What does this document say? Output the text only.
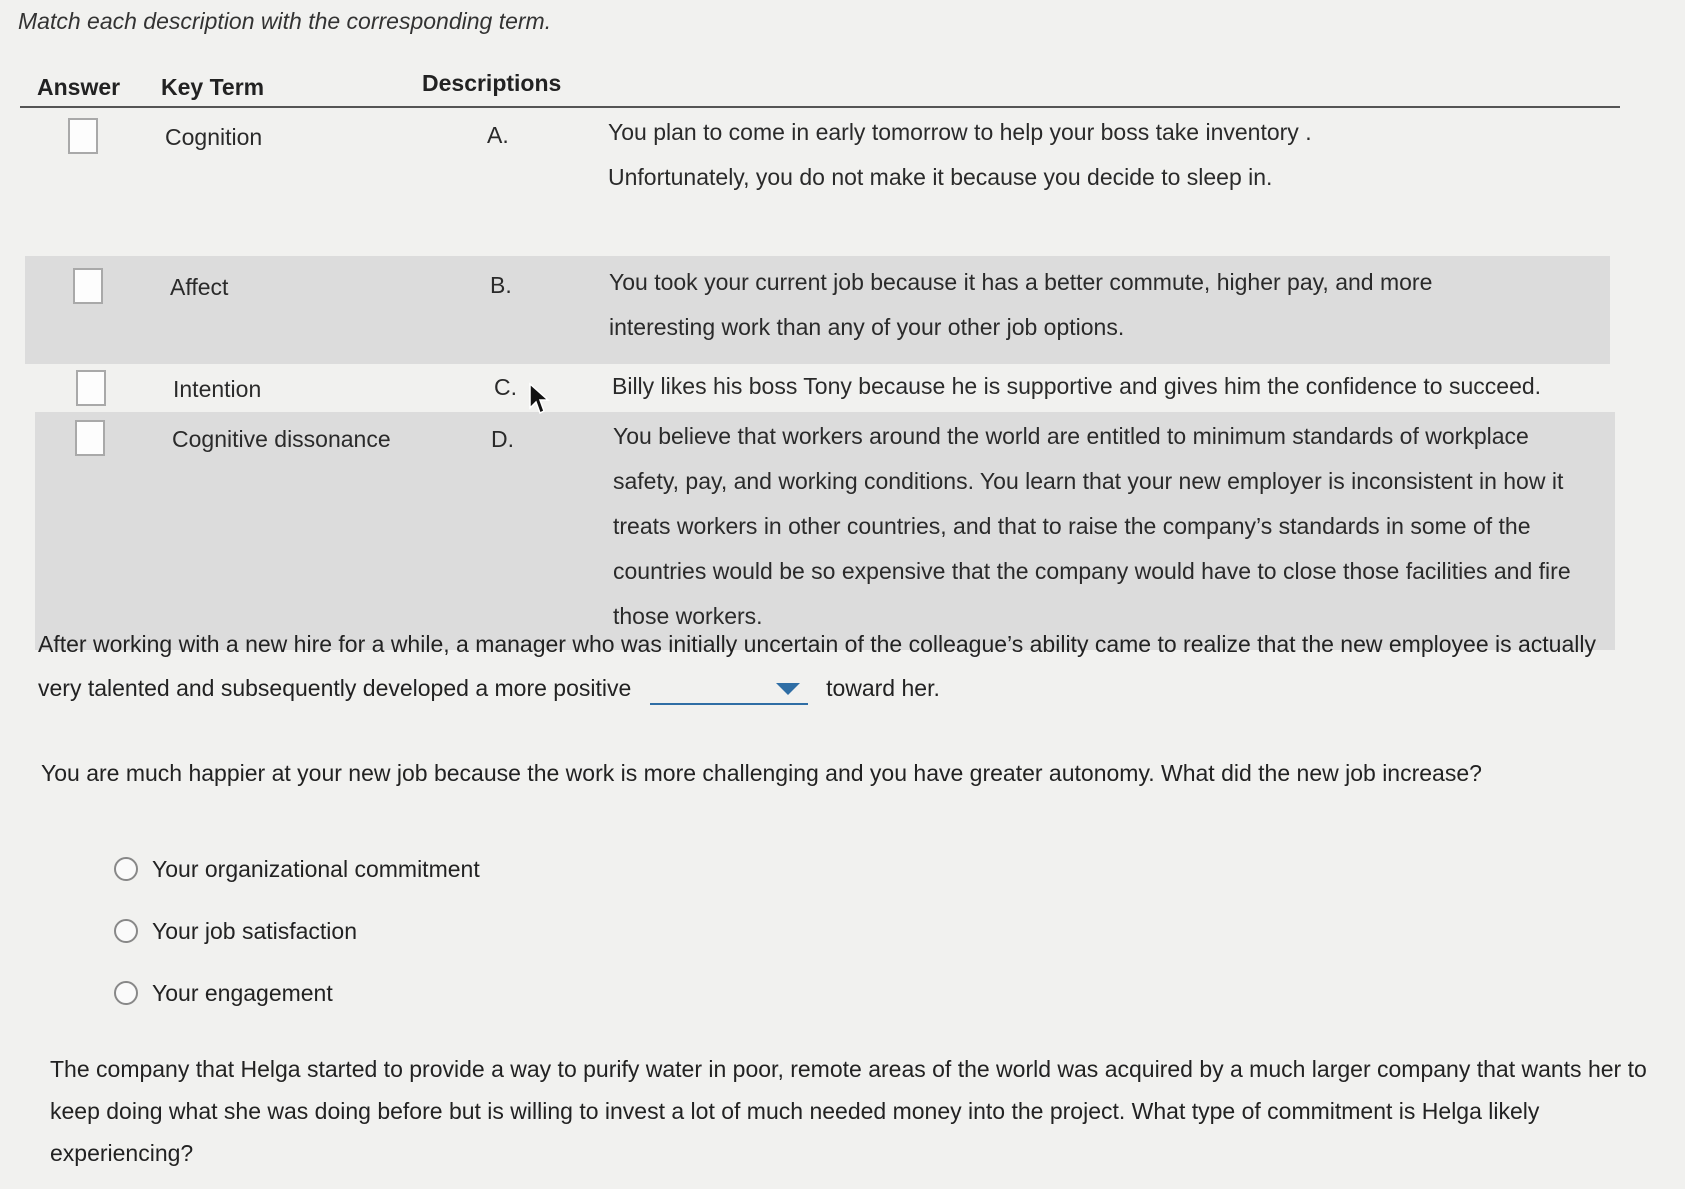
Match each description with the corresponding term.
Answer Key Term	Descriptions
Cognition	A.	You plan to come in early tomorrow to help your boss take inventory . Unfortunately, you do not make it because you decide to sleep in.
Affect	B.	You took your current job because it has a better commute, higher pay, and more interesting work than any of your other job options.
Intention	C.	Billy likes his boss Tony because he is supportive and gives him the confidence to succeed.
Cognitive dissonance	D.	You believe that workers around the world are entitled to minimum standards of workplace safety, pay, and working conditions. You learn that your new employer is inconsistent in how it treats workers in other countries, and that to raise the company’s standards in some of the countries would be so expensive that the company would have to close those facilities and fire those workers.
After working with a new hire for a while, a manager who was initially uncertain of the colleague’s ability came to realize that the new employee is actually very talented and subsequently developed a more positive	toward her.
You are much happier at your new job because the work is more challenging and you have greater autonomy. What did the new job increase?
Your organizational commitment
Your job satisfaction
Your engagement
The company that Helga started to provide a way to purify water in poor, remote areas of the world was acquired by a much larger company that wants her to keep doing what she was doing before but is willing to invest a lot of much needed money into the project. What type of commitment is Helga likely experiencing?
